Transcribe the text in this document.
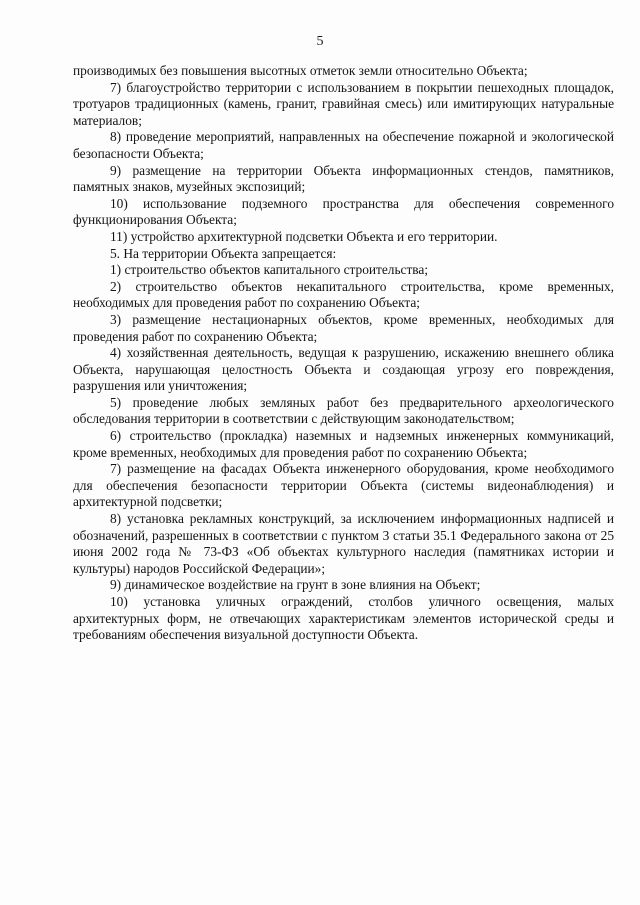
5

производимых без повышения высотных отметок земли относительно Объекта;

7) благоустройство территории с использованием в покрытии пешеходных площадок, тротуаров традиционных (камень, гранит, гравийная смесь) или имитирующих натуральные материалов;

8) проведение мероприятий, направленных на обеспечение пожарной и экологической безопасности Объекта;

9) размещение на территории Объекта информационных стендов, памятников, памятных знаков, музейных экспозиций;

10) использование подземного пространства для обеспечения современного функционирования Объекта;

11) устройство архитектурной подсветки Объекта и его территории.

5. На территории Объекта запрещается:

1) строительство объектов капитального строительства;

2) строительство объектов некапитального строительства, кроме временных, необходимых для проведения работ по сохранению Объекта;

3) размещение нестационарных объектов, кроме временных, необходимых для проведения работ по сохранению Объекта;

4) хозяйственная деятельность, ведущая к разрушению, искажению внешнего облика Объекта, нарушающая целостность Объекта и создающая угрозу его повреждения, разрушения или уничтожения;

5) проведение любых земляных работ без предварительного археологического обследования территории в соответствии с действующим законодательством;

6) строительство (прокладка) наземных и надземных инженерных коммуникаций, кроме временных, необходимых для проведения работ по сохранению Объекта;

7) размещение на фасадах Объекта инженерного оборудования, кроме необходимого для обеспечения безопасности территории Объекта (системы видеонаблюдения) и архитектурной подсветки;

8) установка рекламных конструкций, за исключением информационных надписей и обозначений, разрешенных в соответствии с пунктом 3 статьи 35.1 Федерального закона от 25 июня 2002 года № 73-ФЗ «Об объектах культурного наследия (памятниках истории и культуры) народов Российской Федерации»;

9) динамическое воздействие на грунт в зоне влияния на Объект;

10) установка уличных ограждений, столбов уличного освещения, малых архитектурных форм, не отвечающих характеристикам элементов исторической среды и требованиям обеспечения визуальной доступности Объекта.
